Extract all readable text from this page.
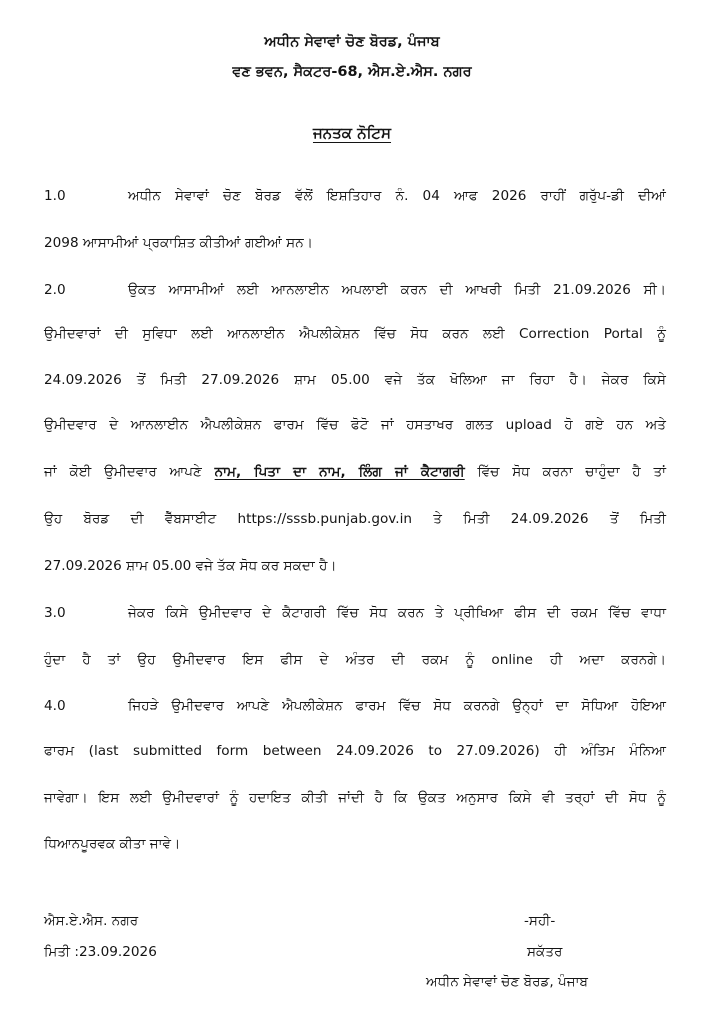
ਅਧੀਨ ਸੇਵਾਵਾਂ ਚੋਣ ਬੋਰਡ, ਪੰਜਾਬ
ਵਣ ਭਵਨ, ਸੈਕਟਰ-68, ਐਸ.ਏ.ਐਸ. ਨਗਰ
ਜਨਤਕ ਨੋਟਿਸ
1.0	ਅਧੀਨ ਸੇਵਾਵਾਂ ਚੋਣ ਬੋਰਡ ਵੱਲੋਂ ਇਸ਼ਤਿਹਾਰ ਨੰ. 04 ਆਫ 2026 ਰਾਹੀਂ ਗਰੁੱਪ-ਡੀ ਦੀਆਂ
2098 ਆਸਾਮੀਆਂ ਪ੍ਰਕਾਸ਼ਿਤ ਕੀਤੀਆਂ ਗਈਆਂ ਸਨ।
2.0	ਉਕਤ ਆਸਾਮੀਆਂ ਲਈ ਆਨਲਾਈਨ ਅਪਲਾਈ ਕਰਨ ਦੀ ਆਖਰੀ ਮਿਤੀ 21.09.2026 ਸੀ।
ਉਮੀਦਵਾਰਾਂ ਦੀ ਸੁਵਿਧਾ ਲਈ ਆਨਲਾਈਨ ਐਪਲੀਕੇਸ਼ਨ ਵਿੱਚ ਸੋਧ ਕਰਨ ਲਈ Correction Portal ਨੂੰ
24.09.2026 ਤੋਂ ਮਿਤੀ 27.09.2026 ਸ਼ਾਮ 05.00 ਵਜੇ ਤੱਕ ਖੋਲਿਆ ਜਾ ਰਿਹਾ ਹੈ। ਜੇਕਰ ਕਿਸੇ
ਉਮੀਦਵਾਰ ਦੇ ਆਨਲਾਈਨ ਐਪਲੀਕੇਸ਼ਨ ਫਾਰਮ ਵਿੱਚ ਫੋਟੋ ਜਾਂ ਹਸਤਾਖਰ ਗਲਤ upload ਹੋ ਗਏ ਹਨ ਅਤੇ
ਜਾਂ ਕੋਈ ਉਮੀਦਵਾਰ ਆਪਣੇ ਨਾਮ, ਪਿਤਾ ਦਾ ਨਾਮ, ਲਿੰਗ ਜਾਂ ਕੈਟਾਗਰੀ ਵਿੱਚ ਸੋਧ ਕਰਨਾ ਚਾਹੁੰਦਾ ਹੈ ਤਾਂ
ਉਹ ਬੋਰਡ ਦੀ ਵੈੱਬਸਾਈਟ https://sssb.punjab.gov.in ਤੇ ਮਿਤੀ 24.09.2026 ਤੋਂ ਮਿਤੀ
27.09.2026 ਸ਼ਾਮ 05.00 ਵਜੇ ਤੱਕ ਸੋਧ ਕਰ ਸਕਦਾ ਹੈ।
3.0	ਜੇਕਰ ਕਿਸੇ ਉਮੀਦਵਾਰ ਦੇ ਕੈਟਾਗਰੀ ਵਿੱਚ ਸੋਧ ਕਰਨ ਤੇ ਪ੍ਰੀਖਿਆ ਫੀਸ ਦੀ ਰਕਮ ਵਿੱਚ ਵਾਧਾ
ਹੁੰਦਾ ਹੈ ਤਾਂ ਉਹ ਉਮੀਦਵਾਰ ਇਸ ਫੀਸ ਦੇ ਅੰਤਰ ਦੀ ਰਕਮ ਨੂੰ online ਹੀ ਅਦਾ ਕਰਨਗੇ।
4.0	ਜਿਹੜੇ ਉਮੀਦਵਾਰ ਆਪਣੇ ਐਪਲੀਕੇਸ਼ਨ ਫਾਰਮ ਵਿੱਚ ਸੋਧ ਕਰਨਗੇ ਉਨ੍ਹਾਂ ਦਾ ਸੋਧਿਆ ਹੋਇਆ
ਫਾਰਮ (last submitted form between 24.09.2026 to 27.09.2026) ਹੀ ਅੰਤਿਮ ਮੰਨਿਆ
ਜਾਵੇਗਾ। ਇਸ ਲਈ ਉਮੀਦਵਾਰਾਂ ਨੂੰ ਹਦਾਇਤ ਕੀਤੀ ਜਾਂਦੀ ਹੈ ਕਿ ਉਕਤ ਅਨੁਸਾਰ ਕਿਸੇ ਵੀ ਤਰ੍ਹਾਂ ਦੀ ਸੋਧ ਨੂੰ
ਧਿਆਨਪੂਰਵਕ ਕੀਤਾ ਜਾਵੇ।
ਐਸ.ਏ.ਐਸ. ਨਗਰ
ਮਿਤੀ :23.09.2026
-ਸਹੀ-
ਸਕੱਤਰ
ਅਧੀਨ ਸੇਵਾਵਾਂ ਚੋਣ ਬੋਰਡ, ਪੰਜਾਬ
